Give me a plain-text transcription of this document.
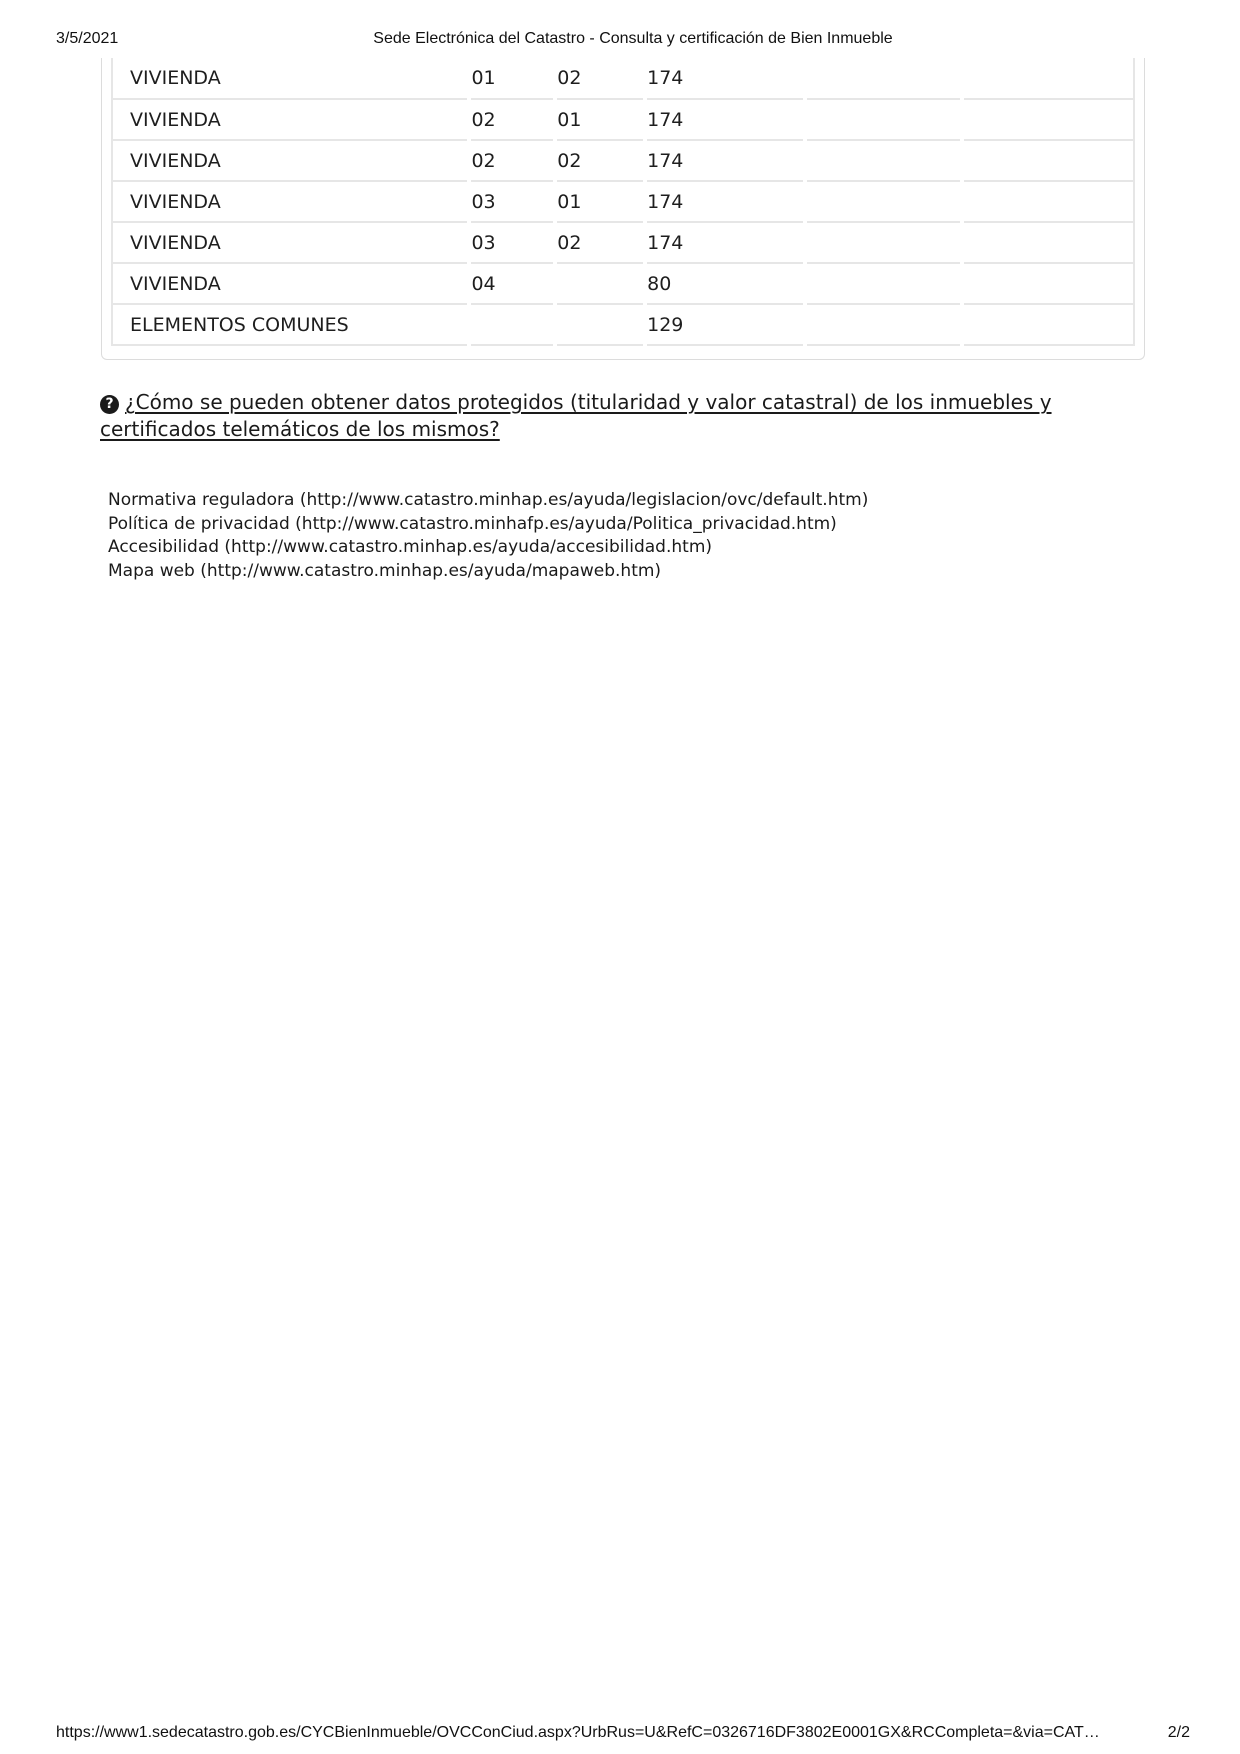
3/5/2021	Sede Electrónica del Catastro - Consulta y certificación de Bien Inmueble
VIVIENDA	01	02	174		
VIVIENDA	02	01	174		
VIVIENDA	02	02	174		
VIVIENDA	03	01	174		
VIVIENDA	03	02	174		
VIVIENDA	04		80		
ELEMENTOS COMUNES			129		
? ¿Cómo se pueden obtener datos protegidos (titularidad y valor catastral) de los inmuebles y certificados telemáticos de los mismos?
Normativa reguladora (http://www.catastro.minhap.es/ayuda/legislacion/ovc/default.htm)
Política de privacidad (http://www.catastro.minhafp.es/ayuda/Politica_privacidad.htm)
Accesibilidad (http://www.catastro.minhap.es/ayuda/accesibilidad.htm)
Mapa web (http://www.catastro.minhap.es/ayuda/mapaweb.htm)
https://www1.sedecatastro.gob.es/CYCBienInmueble/OVCConCiud.aspx?UrbRus=U&RefC=0326716DF3802E0001GX&RCCompleta=&via=CAT…	2/2
